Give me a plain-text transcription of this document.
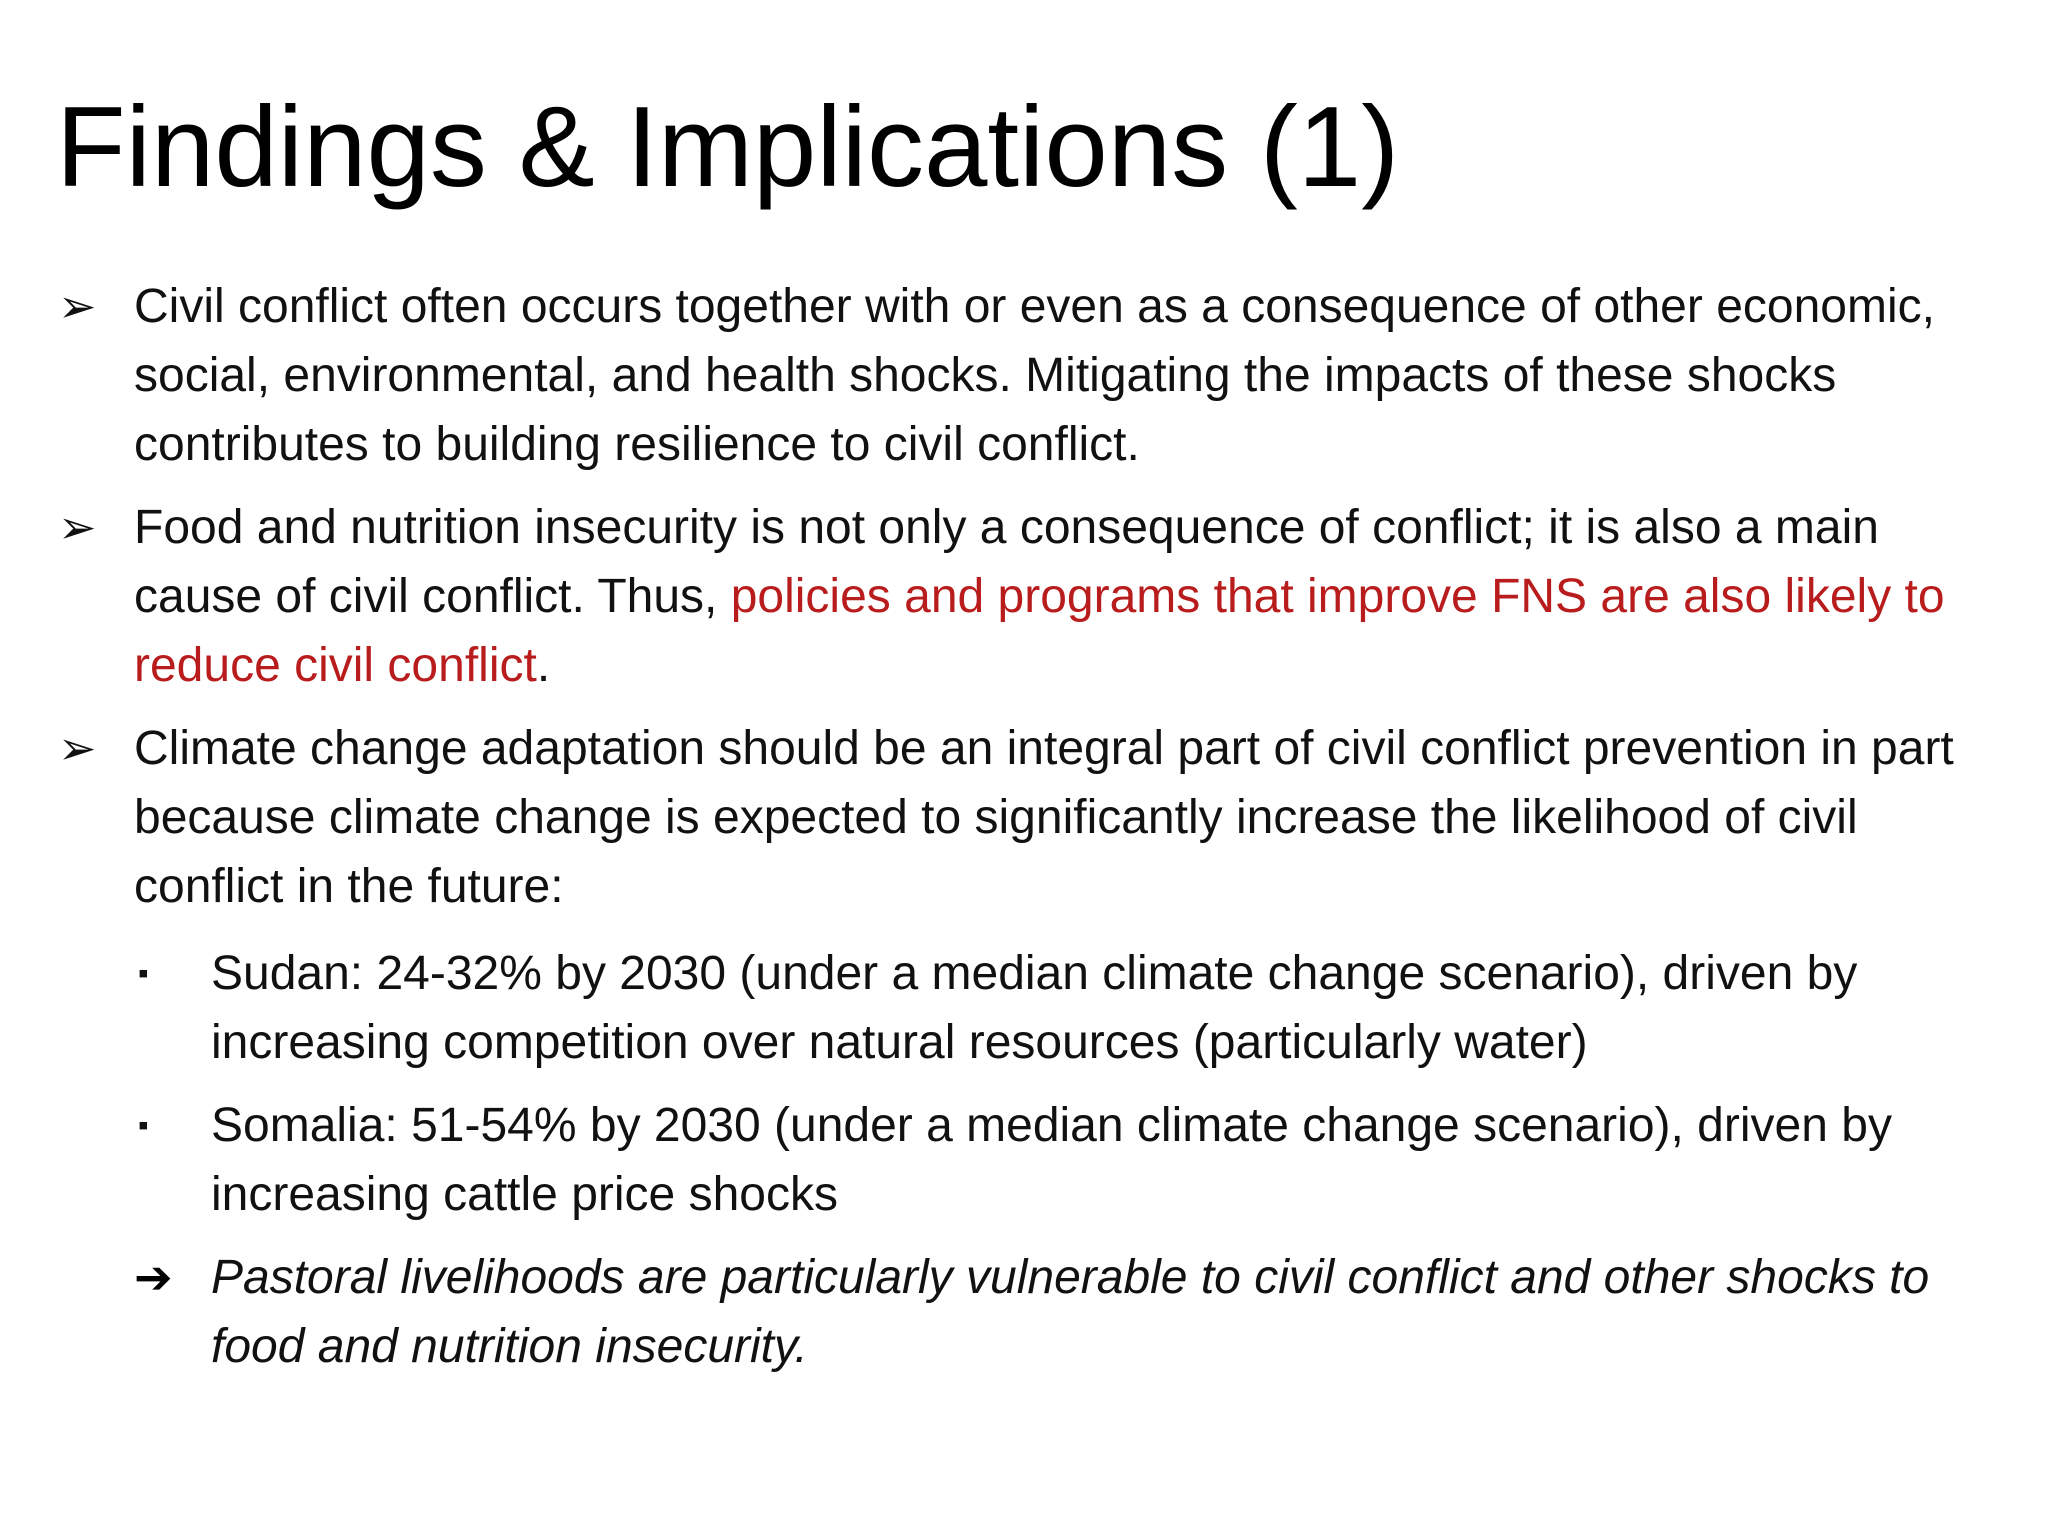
Findings & Implications (1)
➢ Civil conflict often occurs together with or even as a consequence of other economic, social, environmental, and health shocks. Mitigating the impacts of these shocks contributes to building resilience to civil conflict.
➢ Food and nutrition insecurity is not only a consequence of conflict; it is also a main cause of civil conflict. Thus, policies and programs that improve FNS are also likely to reduce civil conflict.
➢ Climate change adaptation should be an integral part of civil conflict prevention in part because climate change is expected to significantly increase the likelihood of civil conflict in the future:
▪ Sudan: 24-32% by 2030 (under a median climate change scenario), driven by increasing competition over natural resources (particularly water)
▪ Somalia: 51-54% by 2030 (under a median climate change scenario), driven by increasing cattle price shocks
➔ Pastoral livelihoods are particularly vulnerable to civil conflict and other shocks to food and nutrition insecurity.
